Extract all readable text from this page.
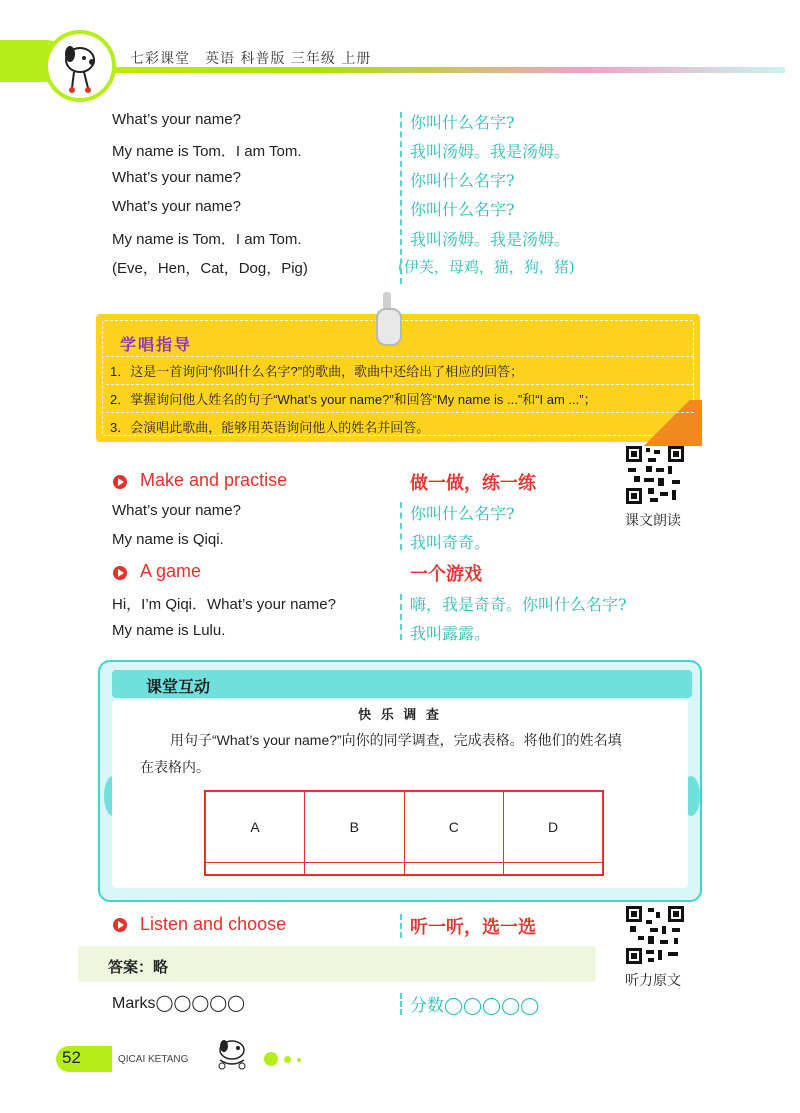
七彩课堂　英语 科普版 三年级 上册
What’s your name?	你叫什么名字?
My name is Tom．I am Tom.	我叫汤姆。我是汤姆。
What’s your name?	你叫什么名字?
What’s your name?	你叫什么名字?
My name is Tom．I am Tom.	我叫汤姆。我是汤姆。
(Eve，Hen，Cat，Dog，Pig)	(伊芙，母鸡，猫，狗，猪)
学唱指导
1．这是一首询问“你叫什么名字?”的歌曲，歌曲中还给出了相应的回答；
2．掌握询问他人姓名的句子“What’s your name?”和回答“My name is ...”和“I am ...”；
3．会演唱此歌曲，能够用英语询问他人的姓名并回答。
Make and practise	做一做，练一练
What’s your name?	你叫什么名字?
My name is Qiqi.	我叫奇奇。
课文朗读
A game	一个游戏
Hi，I’m Qiqi．What’s your name?	嗨，我是奇奇。你叫什么名字?
My name is Lulu.	我叫露露。
课堂互动
快 乐 调 查
用句子“What’s your name?”向你的同学调查，完成表格。将他们的姓名填
在表格内。
A	B	C	D

Listen and choose	听一听，选一选
听力原文
答案：略
Marks◯◯◯◯◯	分数◯◯◯◯◯
52	QICAI KETANG
